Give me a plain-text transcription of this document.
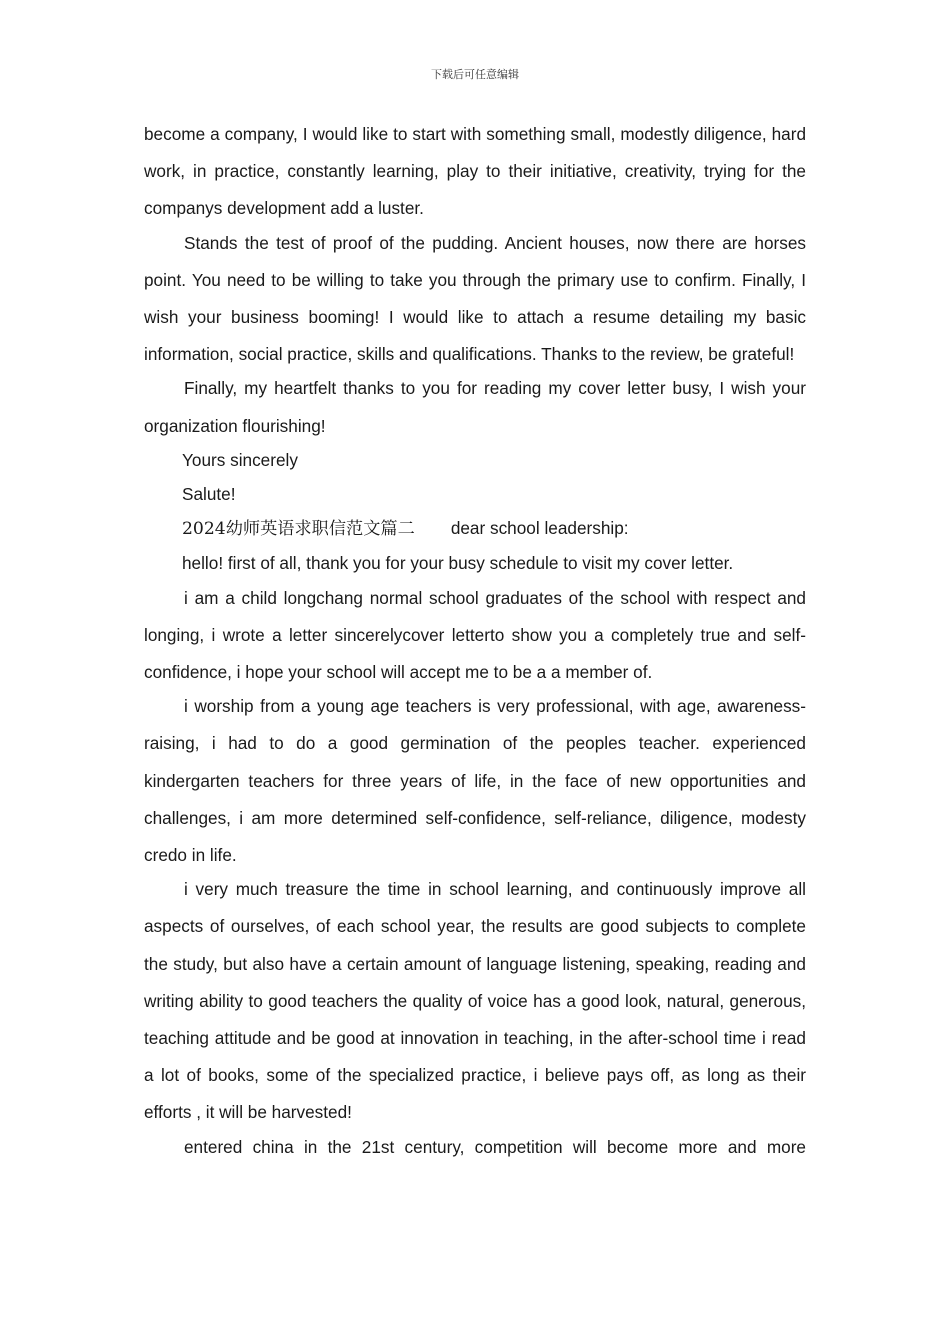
下载后可任意编辑

become a company, I would like to start with something small, modestly diligence, hard work, in practice, constantly learning, play to their initiative, creativity, trying for the companys development add a luster.

Stands the test of proof of the pudding. Ancient houses, now there are horses point. You need to be willing to take you through the primary use to confirm. Finally, I wish your business booming! I would like to attach a resume detailing my basic information, social practice, skills and qualifications. Thanks to the review, be grateful!

Finally, my heartfelt thanks to you for reading my cover letter busy, I wish your organization flourishing!

Yours sincerely

Salute!

2024幼师英语求职信范文篇二 dear school leadership:

hello! first of all, thank you for your busy schedule to visit my cover letter.

i am a child longchang normal school graduates of the school with respect and longing, i wrote a letter sincerelycover letterto show you a completely true and self-confidence, i hope your school will accept me to be a a member of.

i worship from a young age teachers is very professional, with age, awareness-raising, i had to do a good germination of the peoples teacher. experienced kindergarten teachers for three years of life, in the face of new opportunities and challenges, i am more determined self-confidence, self-reliance, diligence, modesty credo in life.

i very much treasure the time in school learning, and continuously improve all aspects of ourselves, of each school year, the results are good subjects to complete the study, but also have a certain amount of language listening, speaking, reading and writing ability to good teachers the quality of voice has a good look, natural, generous, teaching attitude and be good at innovation in teaching, in the after-school time i read a lot of books, some of the specialized practice, i believe pays off, as long as their efforts , it will be harvested!

entered china in the 21st century, competition will become more and more
